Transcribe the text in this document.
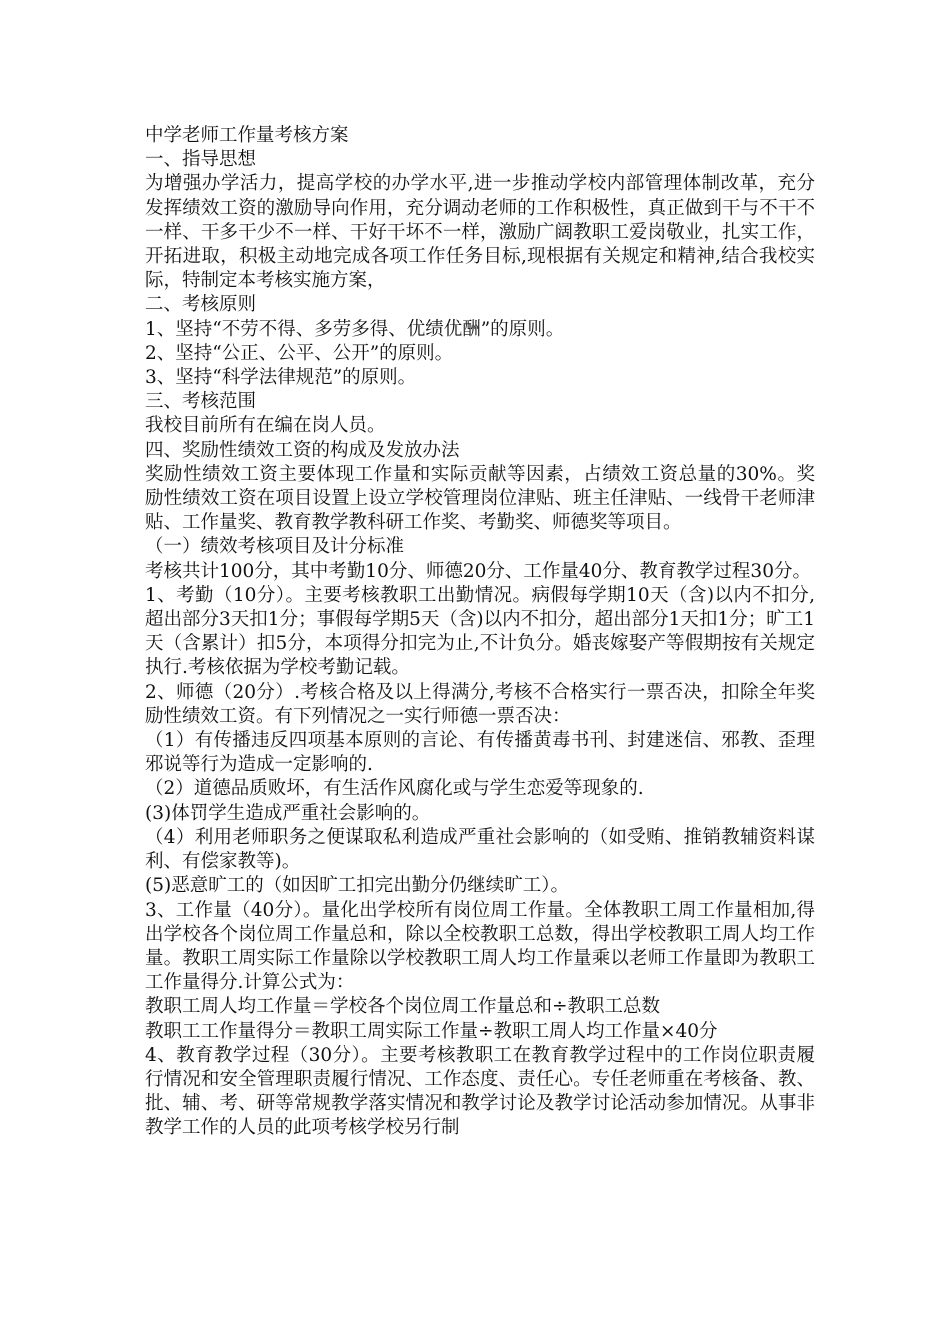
中学老师工作量考核方案

一、指导思想

为增强办学活力，提高学校的办学水平,进一步推动学校内部管理体制改革，充分发挥绩效工资的激励导向作用，充分调动老师的工作积极性，真正做到干与不干不一样、干多干少不一样、干好干坏不一样，激励广阔教职工爱岗敬业，扎实工作，开拓进取，积极主动地完成各项工作任务目标,现根据有关规定和精神,结合我校实际，特制定本考核实施方案，

二、考核原则

1、坚持“不劳不得、多劳多得、优绩优酬”的原则。

2、坚持“公正、公平、公开”的原则。

3、坚持“科学法律规范”的原则。

三、考核范围

我校目前所有在编在岗人员。

四、奖励性绩效工资的构成及发放办法

奖励性绩效工资主要体现工作量和实际贡献等因素，占绩效工资总量的30%。奖励性绩效工资在项目设置上设立学校管理岗位津贴、班主任津贴、一线骨干老师津贴、工作量奖、教育教学教科研工作奖、考勤奖、师德奖等项目。

（一）绩效考核项目及计分标准

考核共计100分，其中考勤10分、师德20分、工作量40分、教育教学过程30分。

1、考勤（10分）。主要考核教职工出勤情况。病假每学期10天（含)以内不扣分,超出部分3天扣1分；事假每学期5天（含)以内不扣分，超出部分1天扣1分；旷工1天（含累计）扣5分，本项得分扣完为止,不计负分。婚丧嫁娶产等假期按有关规定执行.考核依据为学校考勤记载。

2、师德（20分）.考核合格及以上得满分,考核不合格实行一票否决，扣除全年奖励性绩效工资。有下列情况之一实行师德一票否决：

（1）有传播违反四项基本原则的言论、有传播黄毒书刊、封建迷信、邪教、歪理邪说等行为造成一定影响的.

（2）道德品质败坏，有生活作风腐化或与学生恋爱等现象的.

(3)体罚学生造成严重社会影响的。

（4）利用老师职务之便谋取私利造成严重社会影响的（如受贿、推销教辅资料谋利、有偿家教等)。

(5)恶意旷工的（如因旷工扣完出勤分仍继续旷工）。

3、工作量（40分）。量化出学校所有岗位周工作量。全体教职工周工作量相加,得出学校各个岗位周工作量总和，除以全校教职工总数，得出学校教职工周人均工作量。教职工周实际工作量除以学校教职工周人均工作量乘以老师工作量即为教职工工作量得分.计算公式为：

教职工周人均工作量＝学校各个岗位周工作量总和÷教职工总数

教职工工作量得分＝教职工周实际工作量÷教职工周人均工作量×40分

4、教育教学过程（30分）。主要考核教职工在教育教学过程中的工作岗位职责履行情况和安全管理职责履行情况、工作态度、责任心。专任老师重在考核备、教、批、辅、考、研等常规教学落实情况和教学讨论及教学讨论活动参加情况。从事非教学工作的人员的此项考核学校另行制
